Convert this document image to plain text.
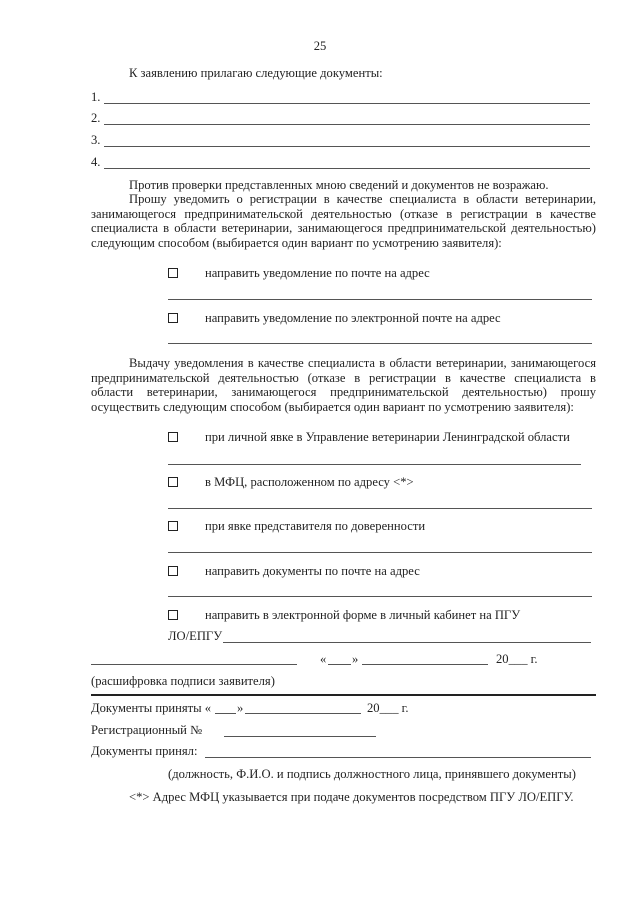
25
К заявлению прилагаю следующие документы:
1.
2.
3.
4.
Против проверки представленных мною сведений и документов не возражаю.
Прошу уведомить о регистрации в качестве специалиста в области ветеринарии, занимающегося предпринимательской деятельностью (отказе в регистрации в качестве специалиста в области ветеринарии, занимающегося предпринимательской деятельностью) следующим способом (выбирается один вариант по усмотрению заявителя):
направить уведомление по почте на адрес
направить уведомление по электронной почте на адрес
Выдачу уведомления в качестве специалиста в области ветеринарии, занимающегося предпринимательской деятельностью (отказе в регистрации в качестве специалиста в области ветеринарии, занимающегося предпринимательской деятельностью) прошу осуществить следующим способом (выбирается один вариант по усмотрению заявителя):
при личной явке в Управление ветеринарии Ленинградской области
в МФЦ, расположенном по адресу <*>
при явке представителя по доверенности
направить документы по почте на адрес
направить в электронной форме в личный кабинет на ПГУ
ЛО/ЕПГУ
« »	20___ г.
(расшифровка подписи заявителя)
Документы приняты « »	20___ г.
Регистрационный №
Документы принял:
(должность, Ф.И.О. и подпись должностного лица, принявшего документы)
<*> Адрес МФЦ указывается при подаче документов посредством ПГУ ЛО/ЕПГУ.
